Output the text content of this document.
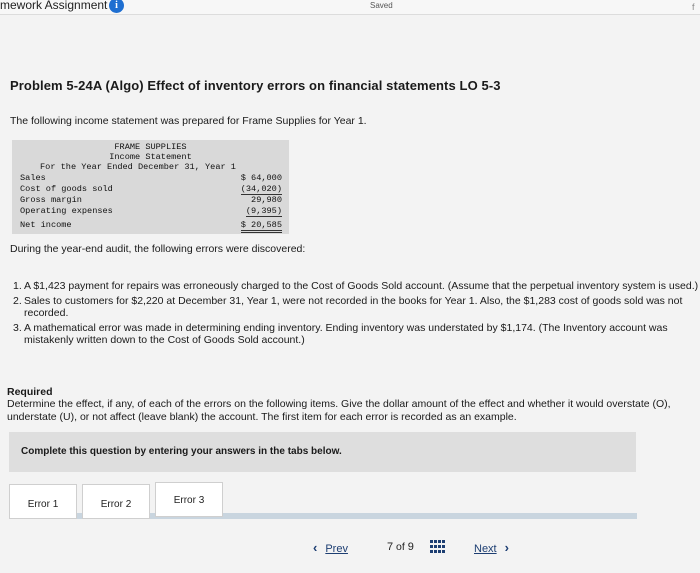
mework Assignment i	Saved	f
Problem 5-24A (Algo) Effect of inventory errors on financial statements LO 5-3
The following income statement was prepared for Frame Supplies for Year 1.
FRAME SUPPLIES
Income Statement
For the Year Ended December 31, Year 1
Sales	$ 64,000
Cost of goods sold	(34,020)
Gross margin	29,980
Operating expenses	(9,395)
Net income	$ 20,585
During the year-end audit, the following errors were discovered:
1. A $1,423 payment for repairs was erroneously charged to the Cost of Goods Sold account. (Assume that the perpetual inventory system is used.)
2. Sales to customers for $2,220 at December 31, Year 1, were not recorded in the books for Year 1. Also, the $1,283 cost of goods sold was not recorded.
3. A mathematical error was made in determining ending inventory. Ending inventory was understated by $1,174. (The Inventory account was mistakenly written down to the Cost of Goods Sold account.)
Required
Determine the effect, if any, of each of the errors on the following items. Give the dollar amount of the effect and whether it would overstate (O), understate (U), or not affect (leave blank) the account. The first item for each error is recorded as an example.
Complete this question by entering your answers in the tabs below.
Error 1	Error 2	Error 3
‹ Prev	7 of 9	Next ›
